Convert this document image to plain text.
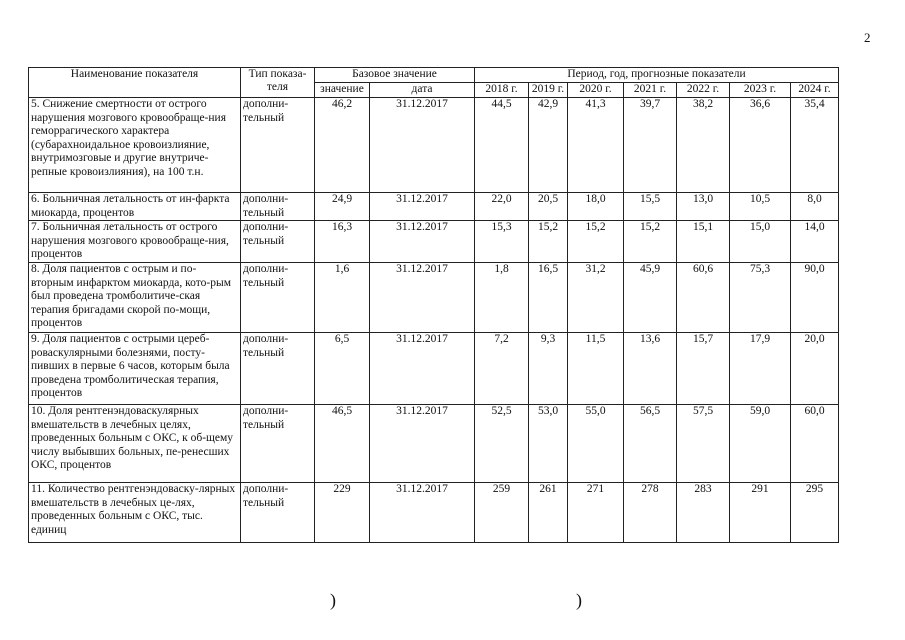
2
Наименование показателя	Тип показа-теля	Базовое значение		Период, год, прогнозные показатели						
		значение	дата	2018 г.	2019 г.	2020 г.	2021 г.	2022 г.	2023 г.	2024 г.
5. Снижение смертности от острого нарушения мозгового кровообраще-ния геморрагического характера (субарахноидальное кровоизлияние, внутримозговые и другие внутриче-репные кровоизлияния), на 100 т.н.	дополни-тельный	46,2	31.12.2017	44,5	42,9	41,3	39,7	38,2	36,6	35,4
6. Больничная летальность от ин-фаркта миокарда, процентов	дополни-тельный	24,9	31.12.2017	22,0	20,5	18,0	15,5	13,0	10,5	8,0
7. Больничная летальность от острого нарушения мозгового кровообраще-ния, процентов	дополни-тельный	16,3	31.12.2017	15,3	15,2	15,2	15,2	15,1	15,0	14,0
8. Доля пациентов с острым и по-вторным инфарктом миокарда, кото-рым был проведена тромболитиче-ская терапия бригадами скорой по-мощи, процентов	дополни-тельный	1,6	31.12.2017	1,8	16,5	31,2	45,9	60,6	75,3	90,0
9. Доля пациентов с острыми цереб-роваскулярными болезнями, посту-пивших в первые 6 часов, которым была проведена тромболитическая терапия, процентов	дополни-тельный	6,5	31.12.2017	7,2	9,3	11,5	13,6	15,7	17,9	20,0
10. Доля рентгенэндоваскулярных вмешательств в лечебных целях, проведенных больным с ОКС, к об-щему числу выбывших больных, пе-ренесших ОКС, процентов	дополни-тельный	46,5	31.12.2017	52,5	53,0	55,0	56,5	57,5	59,0	60,0
11. Количество рентгенэндоваску-лярных вмешательств в лечебных це-лях, проведенных больным с ОКС, тыс. единиц	дополни-тельный	229	31.12.2017	259	261	271	278	283	291	295
)	)
